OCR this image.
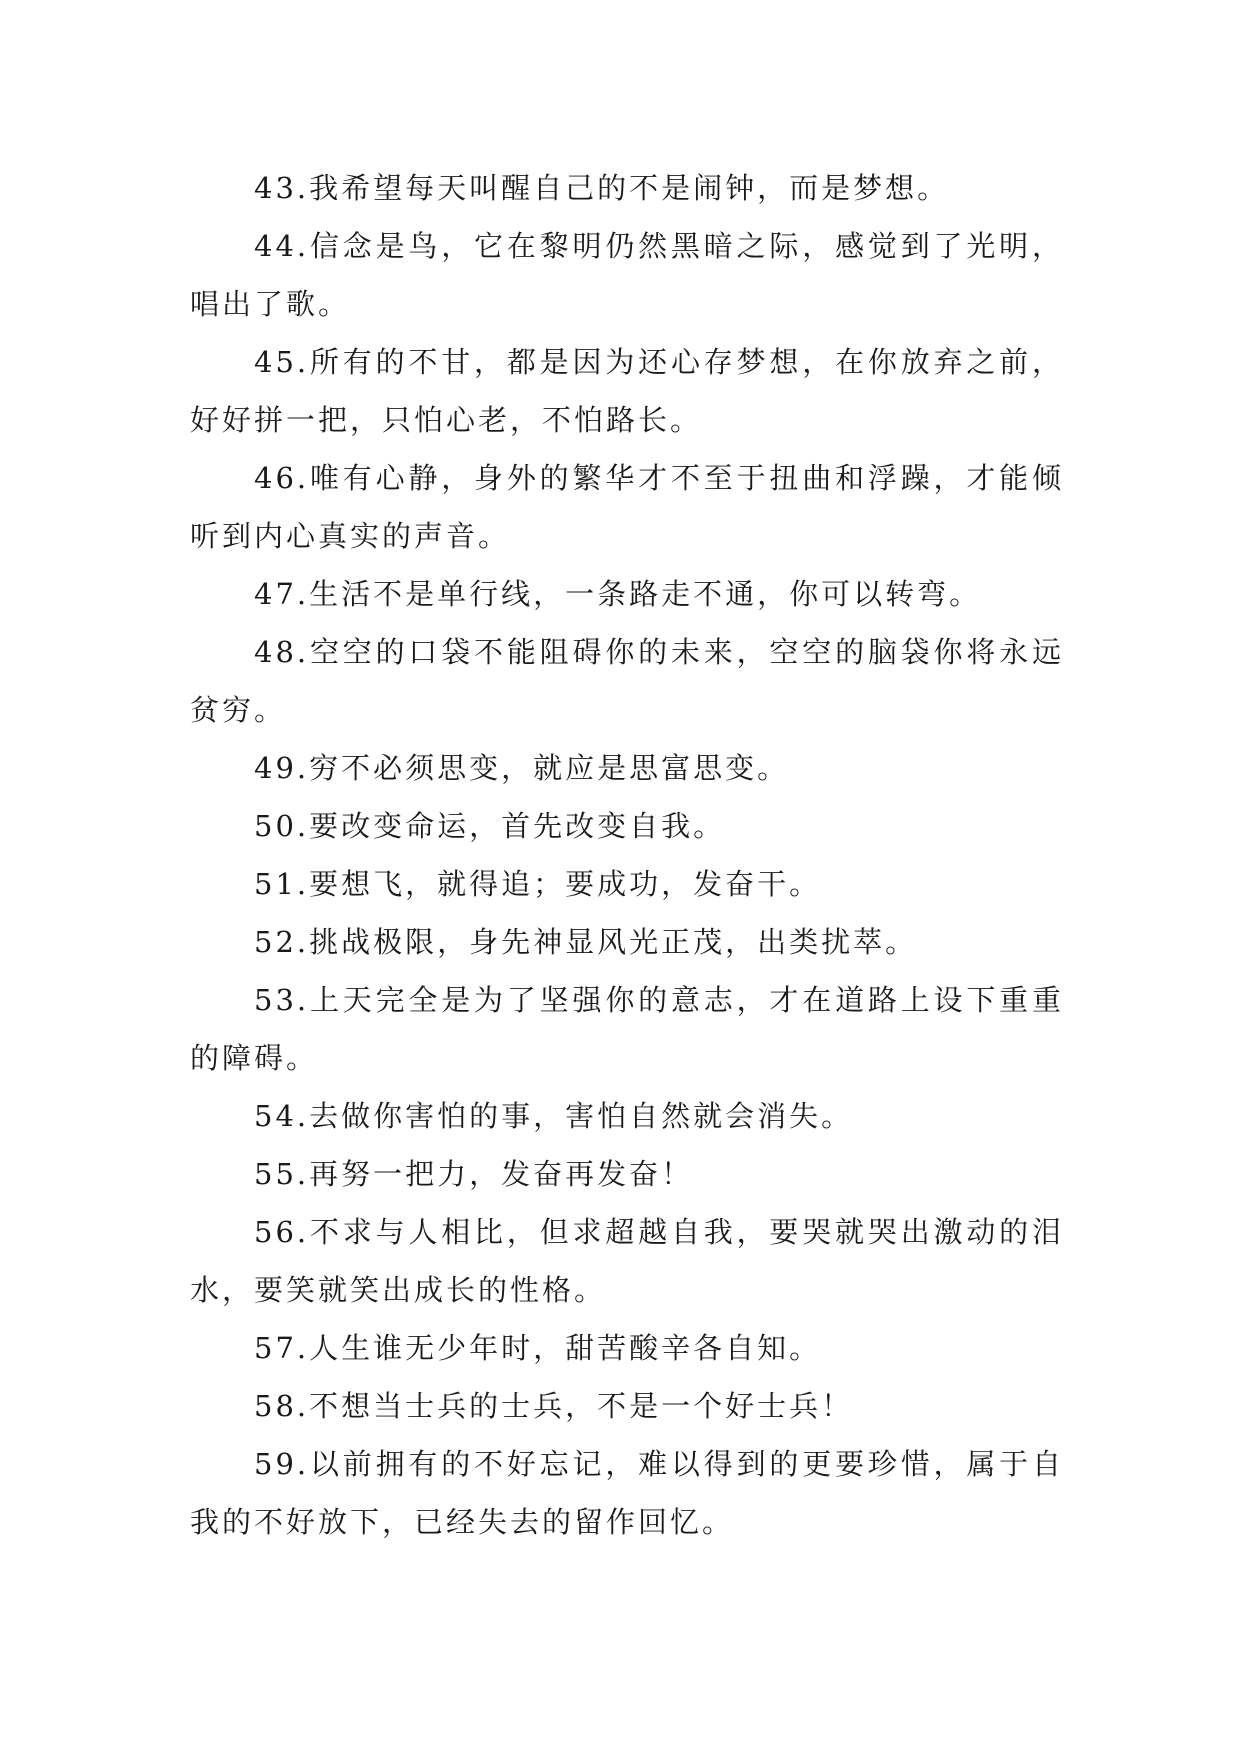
43.我希望每天叫醒自己的不是闹钟，而是梦想。

44.信念是鸟，它在黎明仍然黑暗之际，感觉到了光明，唱出了歌。

45.所有的不甘，都是因为还心存梦想，在你放弃之前，好好拼一把，只怕心老，不怕路长。

46.唯有心静，身外的繁华才不至于扭曲和浮躁，才能倾听到内心真实的声音。

47.生活不是单行线，一条路走不通，你可以转弯。

48.空空的口袋不能阻碍你的未来，空空的脑袋你将永远贫穷。

49.穷不必须思变，就应是思富思变。

50.要改变命运，首先改变自我。

51.要想飞，就得追；要成功，发奋干。

52.挑战极限，身先神显风光正茂，出类扰萃。

53.上天完全是为了坚强你的意志，才在道路上设下重重的障碍。

54.去做你害怕的事，害怕自然就会消失。

55.再努一把力，发奋再发奋！

56.不求与人相比，但求超越自我，要哭就哭出激动的泪水，要笑就笑出成长的性格。

57.人生谁无少年时，甜苦酸辛各自知。

58.不想当士兵的士兵，不是一个好士兵！

59.以前拥有的不好忘记，难以得到的更要珍惜，属于自我的不好放下，已经失去的留作回忆。
